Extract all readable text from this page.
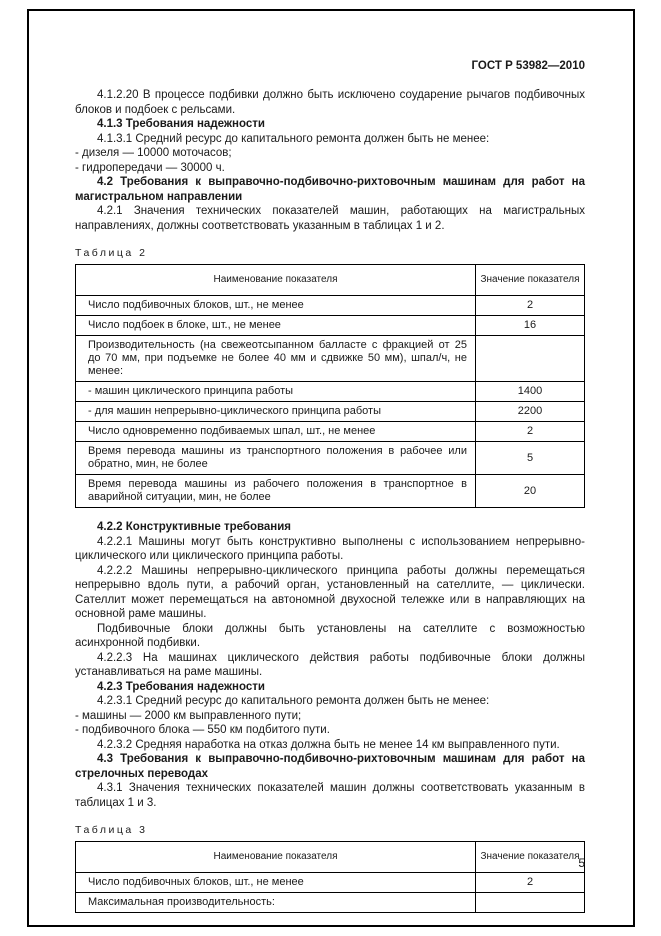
ГОСТ Р 53982—2010

4.1.2.20 В процессе подбивки должно быть исключено соударение рычагов подбивочных блоков и подбоек с рельсами.

4.1.3 Требования надежности

4.1.3.1 Средний ресурс до капитального ремонта должен быть не менее:

- дизеля — 10000 моточасов;

- гидропередачи — 30000 ч.

4.2 Требования к выправочно-подбивочно-рихтовочным машинам для работ на магистральном направлении

4.2.1 Значения технических показателей машин, работающих на магистральных направлениях, должны соответствовать указанным в таблицах 1 и 2.

Таблица 2
Наименование показателя	Значение показателя
Число подбивочных блоков, шт., не менее	2
Число подбоек в блоке, шт., не менее	16
Производительность (на свежеотсыпанном балласте с фракцией от 25 до 70 мм, при подъемке не более 40 мм и сдвижке 50 мм), шпал/ч, не менее:	
- машин циклического принципа работы	1400
- для машин непрерывно-циклического принципа работы	2200
Число одновременно подбиваемых шпал, шт., не менее	2
Время перевода машины из транспортного положения в рабочее или обратно, мин, не более	5
Время перевода машины из рабочего положения в транспортное в аварийной ситуации, мин, не более	20

4.2.2 Конструктивные требования

4.2.2.1 Машины могут быть конструктивно выполнены с использованием непрерывно-циклического или циклического принципа работы.

4.2.2.2 Машины непрерывно-циклического принципа работы должны перемещаться непрерывно вдоль пути, а рабочий орган, установленный на сателлите, — циклически. Сателлит может перемещаться на автономной двухосной тележке или в направляющих на основной раме машины.

Подбивочные блоки должны быть установлены на сателлите с возможностью асинхронной подбивки.

4.2.2.3 На машинах циклического действия работы подбивочные блоки должны устанавливаться на раме машины.

4.2.3 Требования надежности

4.2.3.1 Средний ресурс до капитального ремонта должен быть не менее:

- машины — 2000 км выправленного пути;

- подбивочного блока — 550 км подбитого пути.

4.2.3.2 Средняя наработка на отказ должна быть не менее 14 км выправленного пути.

4.3 Требования к выправочно-подбивочно-рихтовочным машинам для работ на стрелочных переводах

4.3.1 Значения технических показателей машин должны соответствовать указанным в таблицах 1 и 3.

Таблица 3
Наименование показателя	Значение показателя
Число подбивочных блоков, шт., не менее	2
Максимальная производительность:	
5
